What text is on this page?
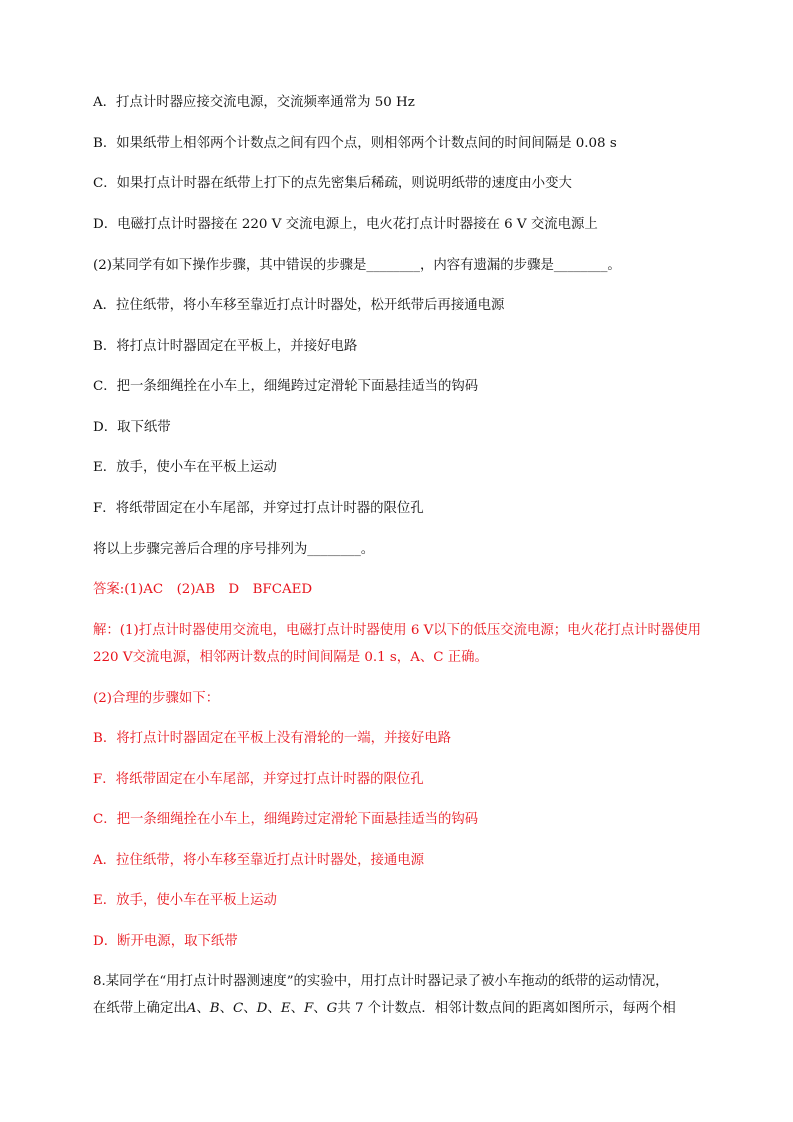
A．打点计时器应接交流电源，交流频率通常为 50 Hz
B．如果纸带上相邻两个计数点之间有四个点，则相邻两个计数点间的时间间隔是 0.08 s
C．如果打点计时器在纸带上打下的点先密集后稀疏，则说明纸带的速度由小变大
D．电磁打点计时器接在 220 V 交流电源上，电火花打点计时器接在 6 V 交流电源上
(2)某同学有如下操作步骤，其中错误的步骤是________，内容有遗漏的步骤是________。
A．拉住纸带，将小车移至靠近打点计时器处，松开纸带后再接通电源
B．将打点计时器固定在平板上，并接好电路
C．把一条细绳拴在小车上，细绳跨过定滑轮下面悬挂适当的钩码
D．取下纸带
E．放手，使小车在平板上运动
F．将纸带固定在小车尾部，并穿过打点计时器的限位孔
将以上步骤完善后合理的序号排列为________。
答案:(1)AC　(2)AB　D　BFCAED
解：(1)打点计时器使用交流电，电磁打点计时器使用 6 V以下的低压交流电源；电火花打点计时器使用
220 V交流电源，相邻两计数点的时间间隔是 0.1 s，A、C 正确。
(2)合理的步骤如下：
B．将打点计时器固定在平板上没有滑轮的一端，并接好电路
F．将纸带固定在小车尾部，并穿过打点计时器的限位孔
C．把一条细绳拴在小车上，细绳跨过定滑轮下面悬挂适当的钩码
A．拉住纸带，将小车移至靠近打点计时器处，接通电源
E．放手，使小车在平板上运动
D．断开电源，取下纸带
8.某同学在“用打点计时器测速度”的实验中，用打点计时器记录了被小车拖动的纸带的运动情况，
在纸带上确定出A、B、C、D、E、F、G共 7 个计数点．相邻计数点间的距离如图所示，每两个相
